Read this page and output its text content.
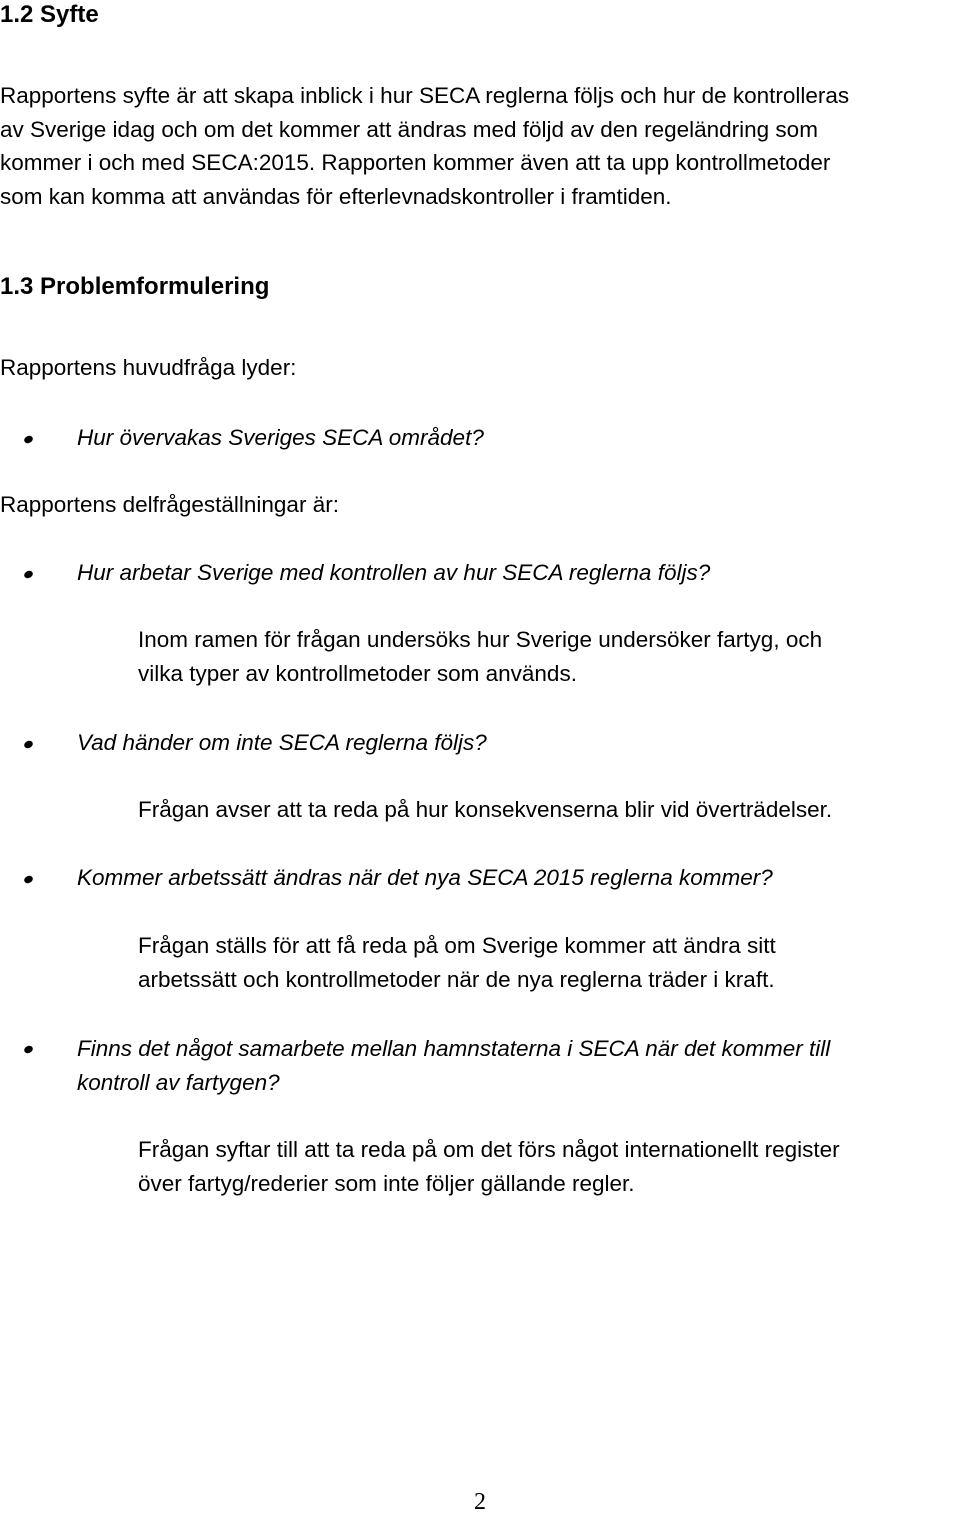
1.2 Syfte

Rapportens syfte är att skapa inblick i hur SECA reglerna följs och hur de kontrolleras
av Sverige idag och om det kommer att ändras med följd av den regeländring som
kommer i och med SECA:2015. Rapporten kommer även att ta upp kontrollmetoder
som kan komma att användas för efterlevnadskontroller i framtiden.

1.3 Problemformulering

Rapportens huvudfråga lyder:

Hur övervakas Sveriges SECA området?

Rapportens delfrågeställningar är:

Hur arbetar Sverige med kontrollen av hur SECA reglerna följs?

Inom ramen för frågan undersöks hur Sverige undersöker fartyg, och
vilka typer av kontrollmetoder som används.

Vad händer om inte SECA reglerna följs?

Frågan avser att ta reda på hur konsekvenserna blir vid överträdelser.

Kommer arbetssätt ändras när det nya SECA 2015 reglerna kommer?

Frågan ställs för att få reda på om Sverige kommer att ändra sitt
arbetssätt och kontrollmetoder när de nya reglerna träder i kraft.

Finns det något samarbete mellan hamnstaterna i SECA när det kommer till
kontroll av fartygen?

Frågan syftar till att ta reda på om det förs något internationellt register
över fartyg/rederier som inte följer gällande regler.

2
